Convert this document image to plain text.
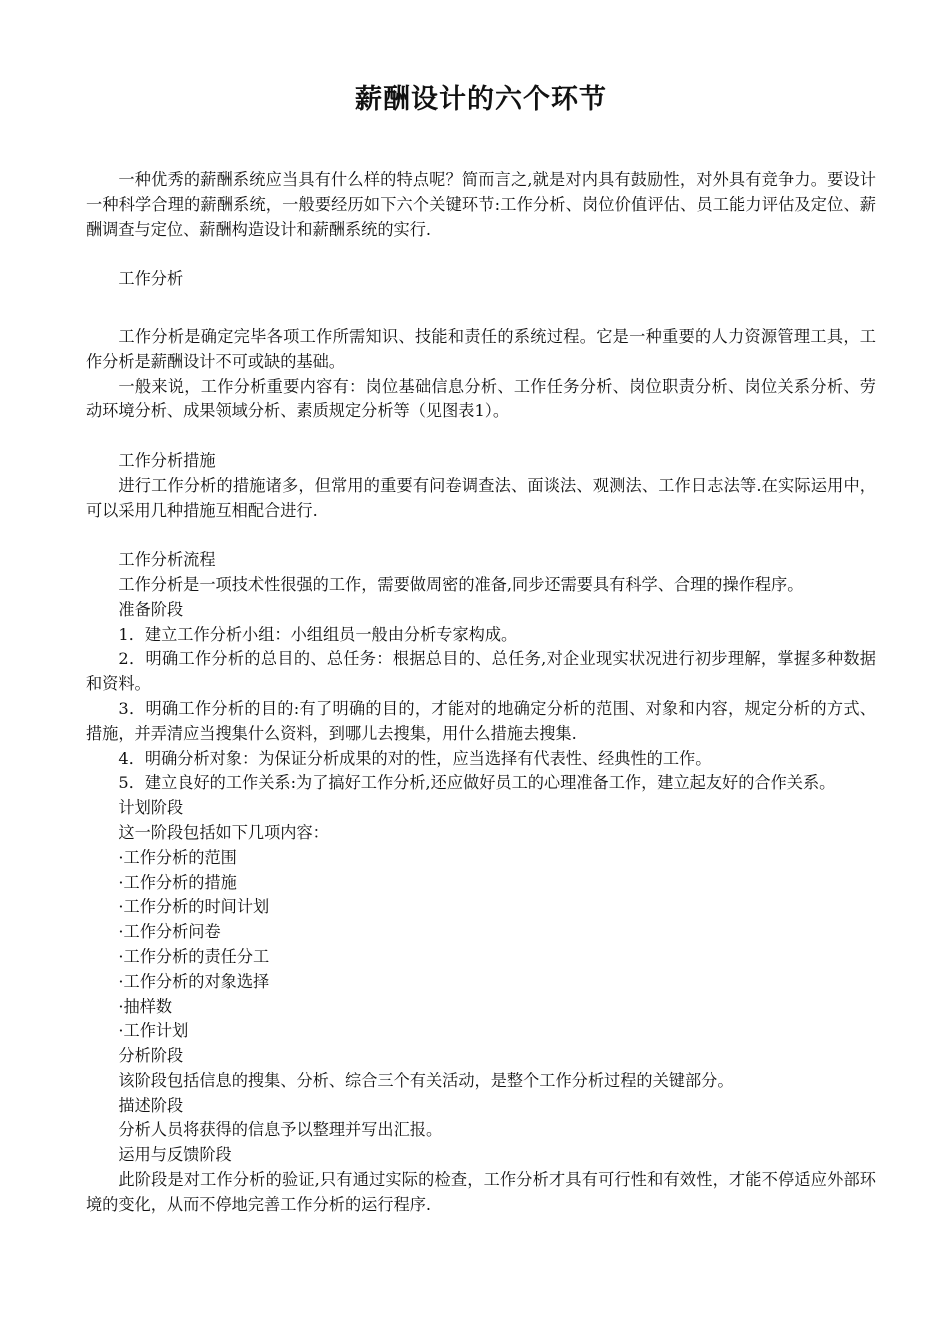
薪酬设计的六个环节

一种优秀的薪酬系统应当具有什么样的特点呢？简而言之,就是对内具有鼓励性，对外具有竞争力。要设计一种科学合理的薪酬系统，一般要经历如下六个关键环节:工作分析、岗位价值评估、员工能力评估及定位、薪酬调查与定位、薪酬构造设计和薪酬系统的实行.

工作分析

工作分析是确定完毕各项工作所需知识、技能和责任的系统过程。它是一种重要的人力资源管理工具，工作分析是薪酬设计不可或缺的基础。

一般来说，工作分析重要内容有：岗位基础信息分析、工作任务分析、岗位职责分析、岗位关系分析、劳动环境分析、成果领域分析、素质规定分析等（见图表1）。

工作分析措施

进行工作分析的措施诸多，但常用的重要有问卷调查法、面谈法、观测法、工作日志法等.在实际运用中，可以采用几种措施互相配合进行.

工作分析流程

工作分析是一项技术性很强的工作，需要做周密的准备,同步还需要具有科学、合理的操作程序。

准备阶段

1．建立工作分析小组：小组组员一般由分析专家构成。

2．明确工作分析的总目的、总任务：根据总目的、总任务,对企业现实状况进行初步理解，掌握多种数据和资料。

3．明确工作分析的目的:有了明确的目的，才能对的地确定分析的范围、对象和内容，规定分析的方式、措施，并弄清应当搜集什么资料，到哪儿去搜集，用什么措施去搜集.

4．明确分析对象：为保证分析成果的对的性，应当选择有代表性、经典性的工作。

5．建立良好的工作关系:为了搞好工作分析,还应做好员工的心理准备工作，建立起友好的合作关系。

计划阶段

这一阶段包括如下几项内容：

·工作分析的范围

·工作分析的措施

·工作分析的时间计划

·工作分析问卷

·工作分析的责任分工

·工作分析的对象选择

·抽样数

·工作计划

分析阶段

该阶段包括信息的搜集、分析、综合三个有关活动，是整个工作分析过程的关键部分。

描述阶段

分析人员将获得的信息予以整理并写出汇报。

运用与反馈阶段

此阶段是对工作分析的验证,只有通过实际的检查，工作分析才具有可行性和有效性，才能不停适应外部环境的变化，从而不停地完善工作分析的运行程序.
